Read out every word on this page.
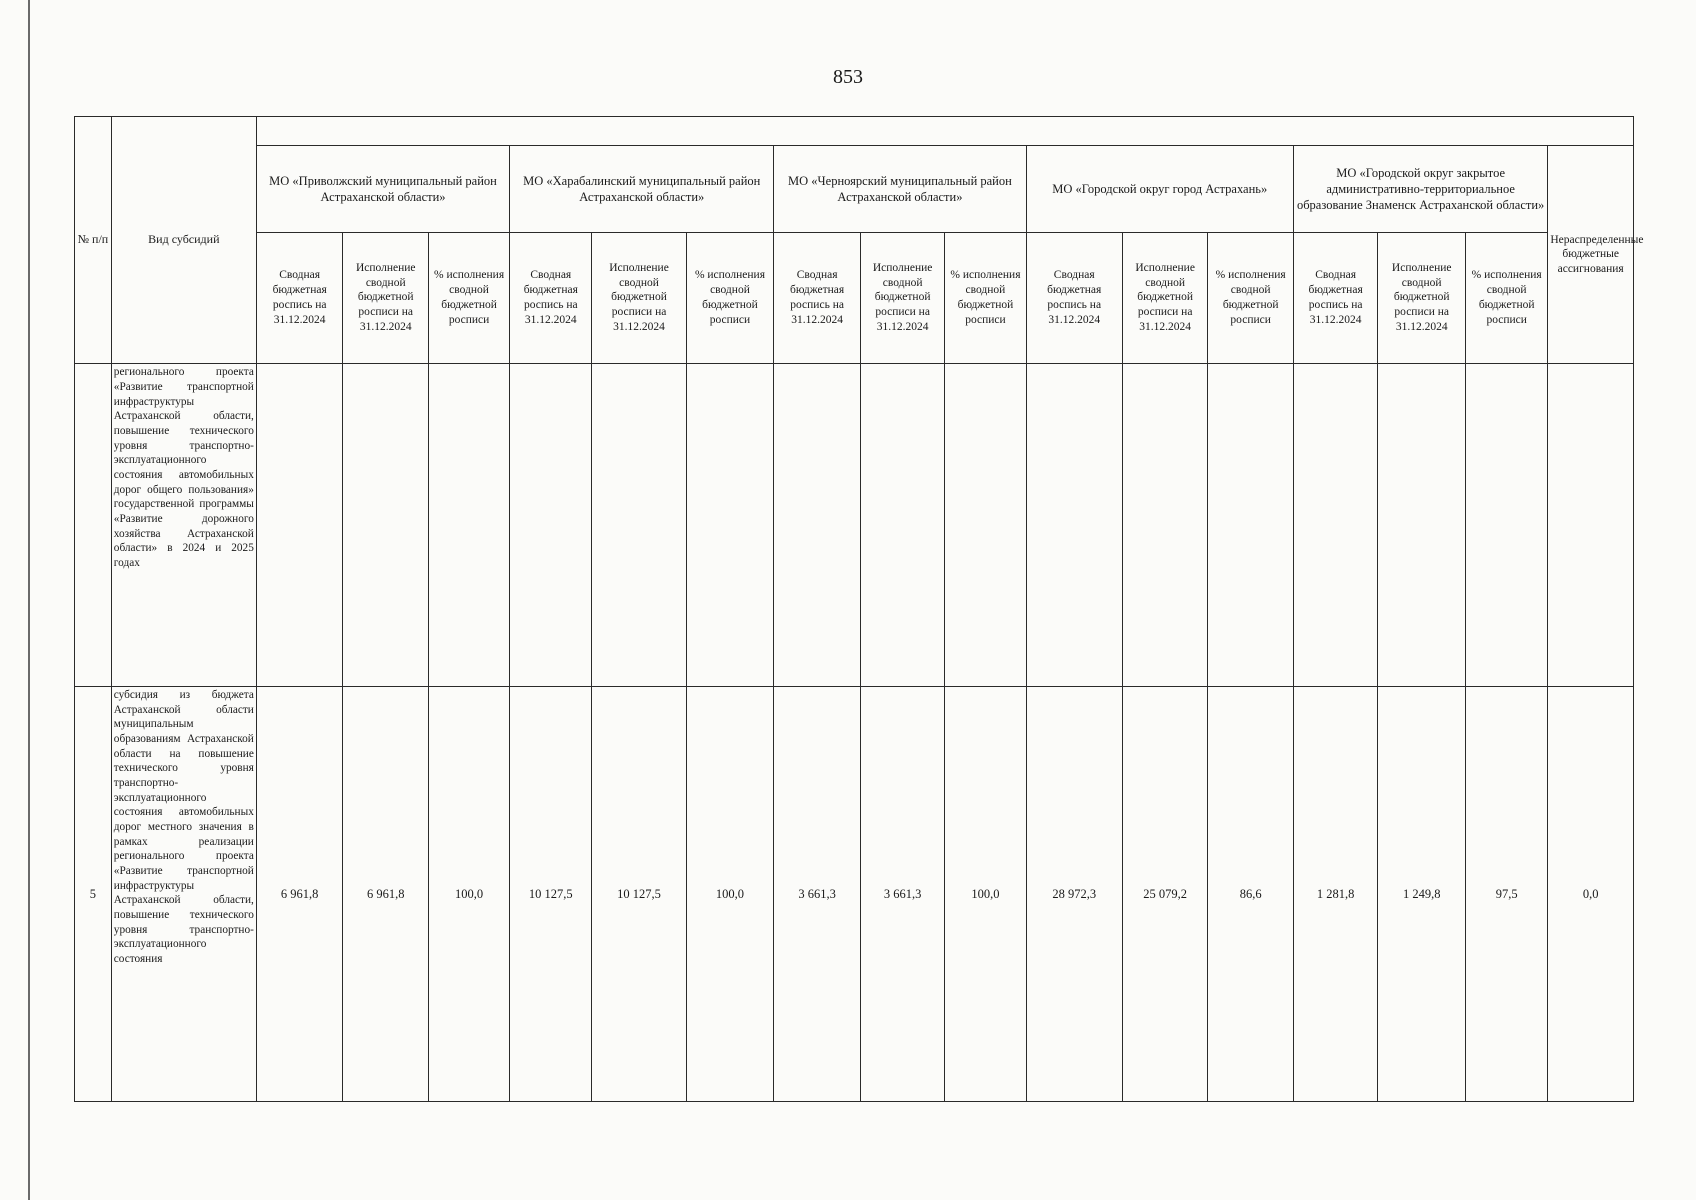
853
№ п/п	Вид субсидий																
		МО «Приволжский муниципальный район Астраханской области»			МО «Харабалинский муниципальный район Астраханской области»			МО «Черноярский муниципальный район Астраханской области»			МО «Городской округ город Астрахань»			МО «Городской округ закрытое административно-территориальное образование Знаменск Астраханской области»			Нераспределенные бюджетные ассигнования
		Сводная бюджетная роспись на 31.12.2024	Исполнение сводной бюджетной росписи на 31.12.2024	% исполнения сводной бюджетной росписи	Сводная бюджетная роспись на 31.12.2024	Исполнение сводной бюджетной росписи на 31.12.2024	% исполнения сводной бюджетной росписи	Сводная бюджетная роспись на 31.12.2024	Исполнение сводной бюджетной росписи на 31.12.2024	% исполнения сводной бюджетной росписи	Сводная бюджетная роспись на 31.12.2024	Исполнение сводной бюджетной росписи на 31.12.2024	% исполнения сводной бюджетной росписи	Сводная бюджетная роспись на 31.12.2024	Исполнение сводной бюджетной росписи на 31.12.2024	% исполнения сводной бюджетной росписи	
	регионального проекта «Развитие транспортной инфраструктуры Астраханской области, повышение технического уровня транспортно-эксплуатационного состояния автомобильных дорог общего пользования» государственной программы «Развитие дорожного хозяйства Астраханской области» в 2024 и 2025 годах																
5	субсидия из бюджета Астраханской области муниципальным образованиям Астраханской области на повышение технического уровня транспортно-эксплуатационного состояния автомобильных дорог местного значения в рамках реализации регионального проекта «Развитие транспортной инфраструктуры Астраханской области, повышение технического уровня транспортно-эксплуатационного состояния	6 961,8	6 961,8	100,0	10 127,5	10 127,5	100,0	3 661,3	3 661,3	100,0	28 972,3	25 079,2	86,6	1 281,8	1 249,8	97,5	0,0
